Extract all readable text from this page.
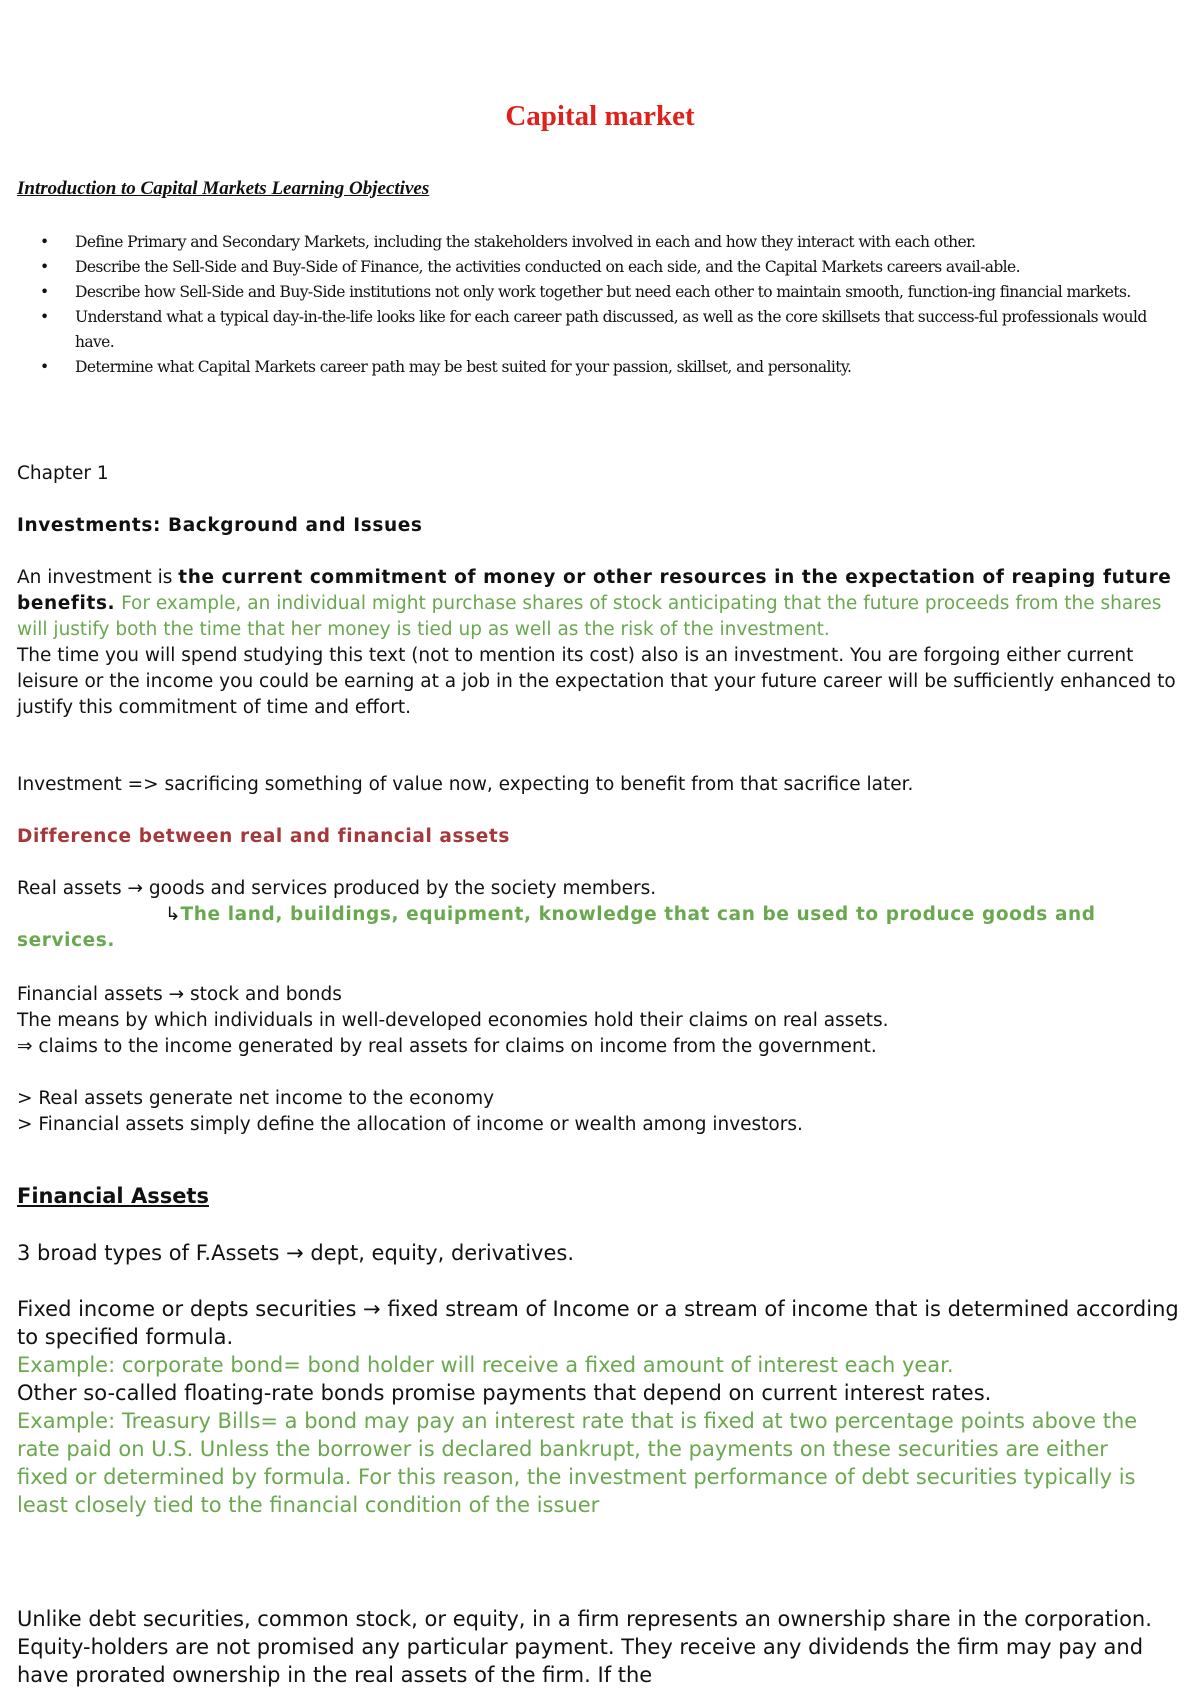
Capital market

Introduction to Capital Markets Learning Objectives

• Define Primary and Secondary Markets, including the stakeholders involved in each and how they interact with each other.
• Describe the Sell-Side and Buy-Side of Finance, the activities conducted on each side, and the Capital Markets careers avail-able.
• Describe how Sell-Side and Buy-Side institutions not only work together but need each other to maintain smooth, function-ing financial markets.
• Understand what a typical day-in-the-life looks like for each career path discussed, as well as the core skillsets that success-ful professionals would have.
• Determine what Capital Markets career path may be best suited for your passion, skillset, and personality.

Chapter 1

Investments: Background and Issues

An investment is the current commitment of money or other resources in the expectation of reaping future benefits. For example, an individual might purchase shares of stock anticipating that the future proceeds from the shares will justify both the time that her money is tied up as well as the risk of the investment.
The time you will spend studying this text (not to mention its cost) also is an investment. You are forgoing either current leisure or the income you could be earning at a job in the expectation that your future career will be sufficiently enhanced to justify this commitment of time and effort.

Investment => sacrificing something of value now, expecting to benefit from that sacrifice later.

Difference between real and financial assets

Real assets → goods and services produced by the society members.
↳The land, buildings, equipment, knowledge that can be used to produce goods and services.

Financial assets → stock and bonds
The means by which individuals in well-developed economies hold their claims on real assets.
⇒ claims to the income generated by real assets for claims on income from the government.

> Real assets generate net income to the economy
> Financial assets simply define the allocation of income or wealth among investors.

Financial Assets

3 broad types of F.Assets → dept, equity, derivatives.

Fixed income or depts securities → fixed stream of Income or a stream of income that is determined according to specified formula.
Example: corporate bond= bond holder will receive a fixed amount of interest each year.
Other so-called floating-rate bonds promise payments that depend on current interest rates.
Example: Treasury Bills= a bond may pay an interest rate that is fixed at two percentage points above the rate paid on U.S. Unless the borrower is declared bankrupt, the payments on these securities are either
fixed or determined by formula. For this reason, the investment performance of debt securities typically is
least closely tied to the financial condition of the issuer

Unlike debt securities, common stock, or equity, in a firm represents an ownership share in the corporation. Equity-holders are not promised any particular payment. They receive any dividends the firm may pay and have prorated ownership in the real assets of the firm. If the
